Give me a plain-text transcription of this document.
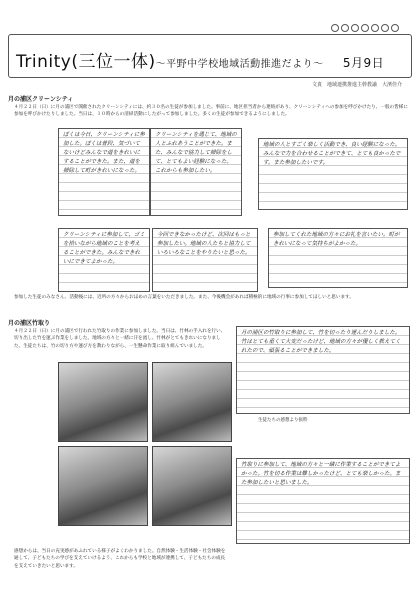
Trinity(三位一体)～平野中学校地域活動推進だより～ 5月9日
文責　地域連携推進主幹教諭　大濱佳介
月の浦区クリーンシティ
４月２２日（日）に月の浦区で開催されたクリーンシティには、約３０名の生徒が参加しました。事前に、地区担当者から連絡があり、クリーンシティへの参加を呼びかけたり、一般の皆様に参加を呼びかけたりしました。当日は、１０時からの清掃活動にしたがって参加しました。多くの生徒が参加できるようにしました。
ぼくは今日、クリーンシティに参加した。ぼくは普段、気づいてないけどみんなで道をきれいにすることができた。また、道を掃除して町がきれいになった。
クリーンシティを通じて、地域の人とふれあうことができた。また、みんなで協力して掃除をして、とてもよい経験になった。これからも参加したい。
地域の人とすごく楽しく活動でき、良い経験になった。みんなで力を合わせることができて、とても良かったです。また参加したいです。
クリーンシティに参加して、ゴミを拾いながら地域のことを考えることができた。みんなできれいにできてよかった。
今回できなかったけど、次回はもっと参加したい。地域の人たちと協力していろいろなことをやりたいと思った。
参加してくれた地域の方々にお礼を言いたい。町がきれいになって気持ちがよかった。
参加した生徒のみなさん、活動後には、近所の方々からおほめの言葉をいただきました。また、今後機会があれば積極的に地域の行事に参加してほしいと思います。
月の浦区竹取り
４月２２日（日）に月の浦区で行われた竹取りの作業に参加しました。当日は、竹林の手入れを行い、切り出した竹を運ぶ作業をしました。地域の方々と一緒に汗を流し、竹林がとてもきれいになりました。生徒たちは、竹の切り方や運び方を教わりながら、一生懸命作業に取り組んでいました。
月の浦区の竹取りに参加して、竹を切ったり運んだりしました。竹はとても重くて大変だったけど、地域の方々が優しく教えてくれたので、頑張ることができました。
生徒たちの感想より抜粋
竹取りに参加して、地域の方々と一緒に作業することができてよかった。竹を切る作業は難しかったけど、とても楽しかった。また参加したいと思いました。
感想からは、当日の充実感があふれている様子がよくわかりました。自然体験・生活体験・社会体験を通して、子どもたちの学びを支えていけるよう、これからも学校と地域が連携して、子どもたちの成長を支えていきたいと思います。
